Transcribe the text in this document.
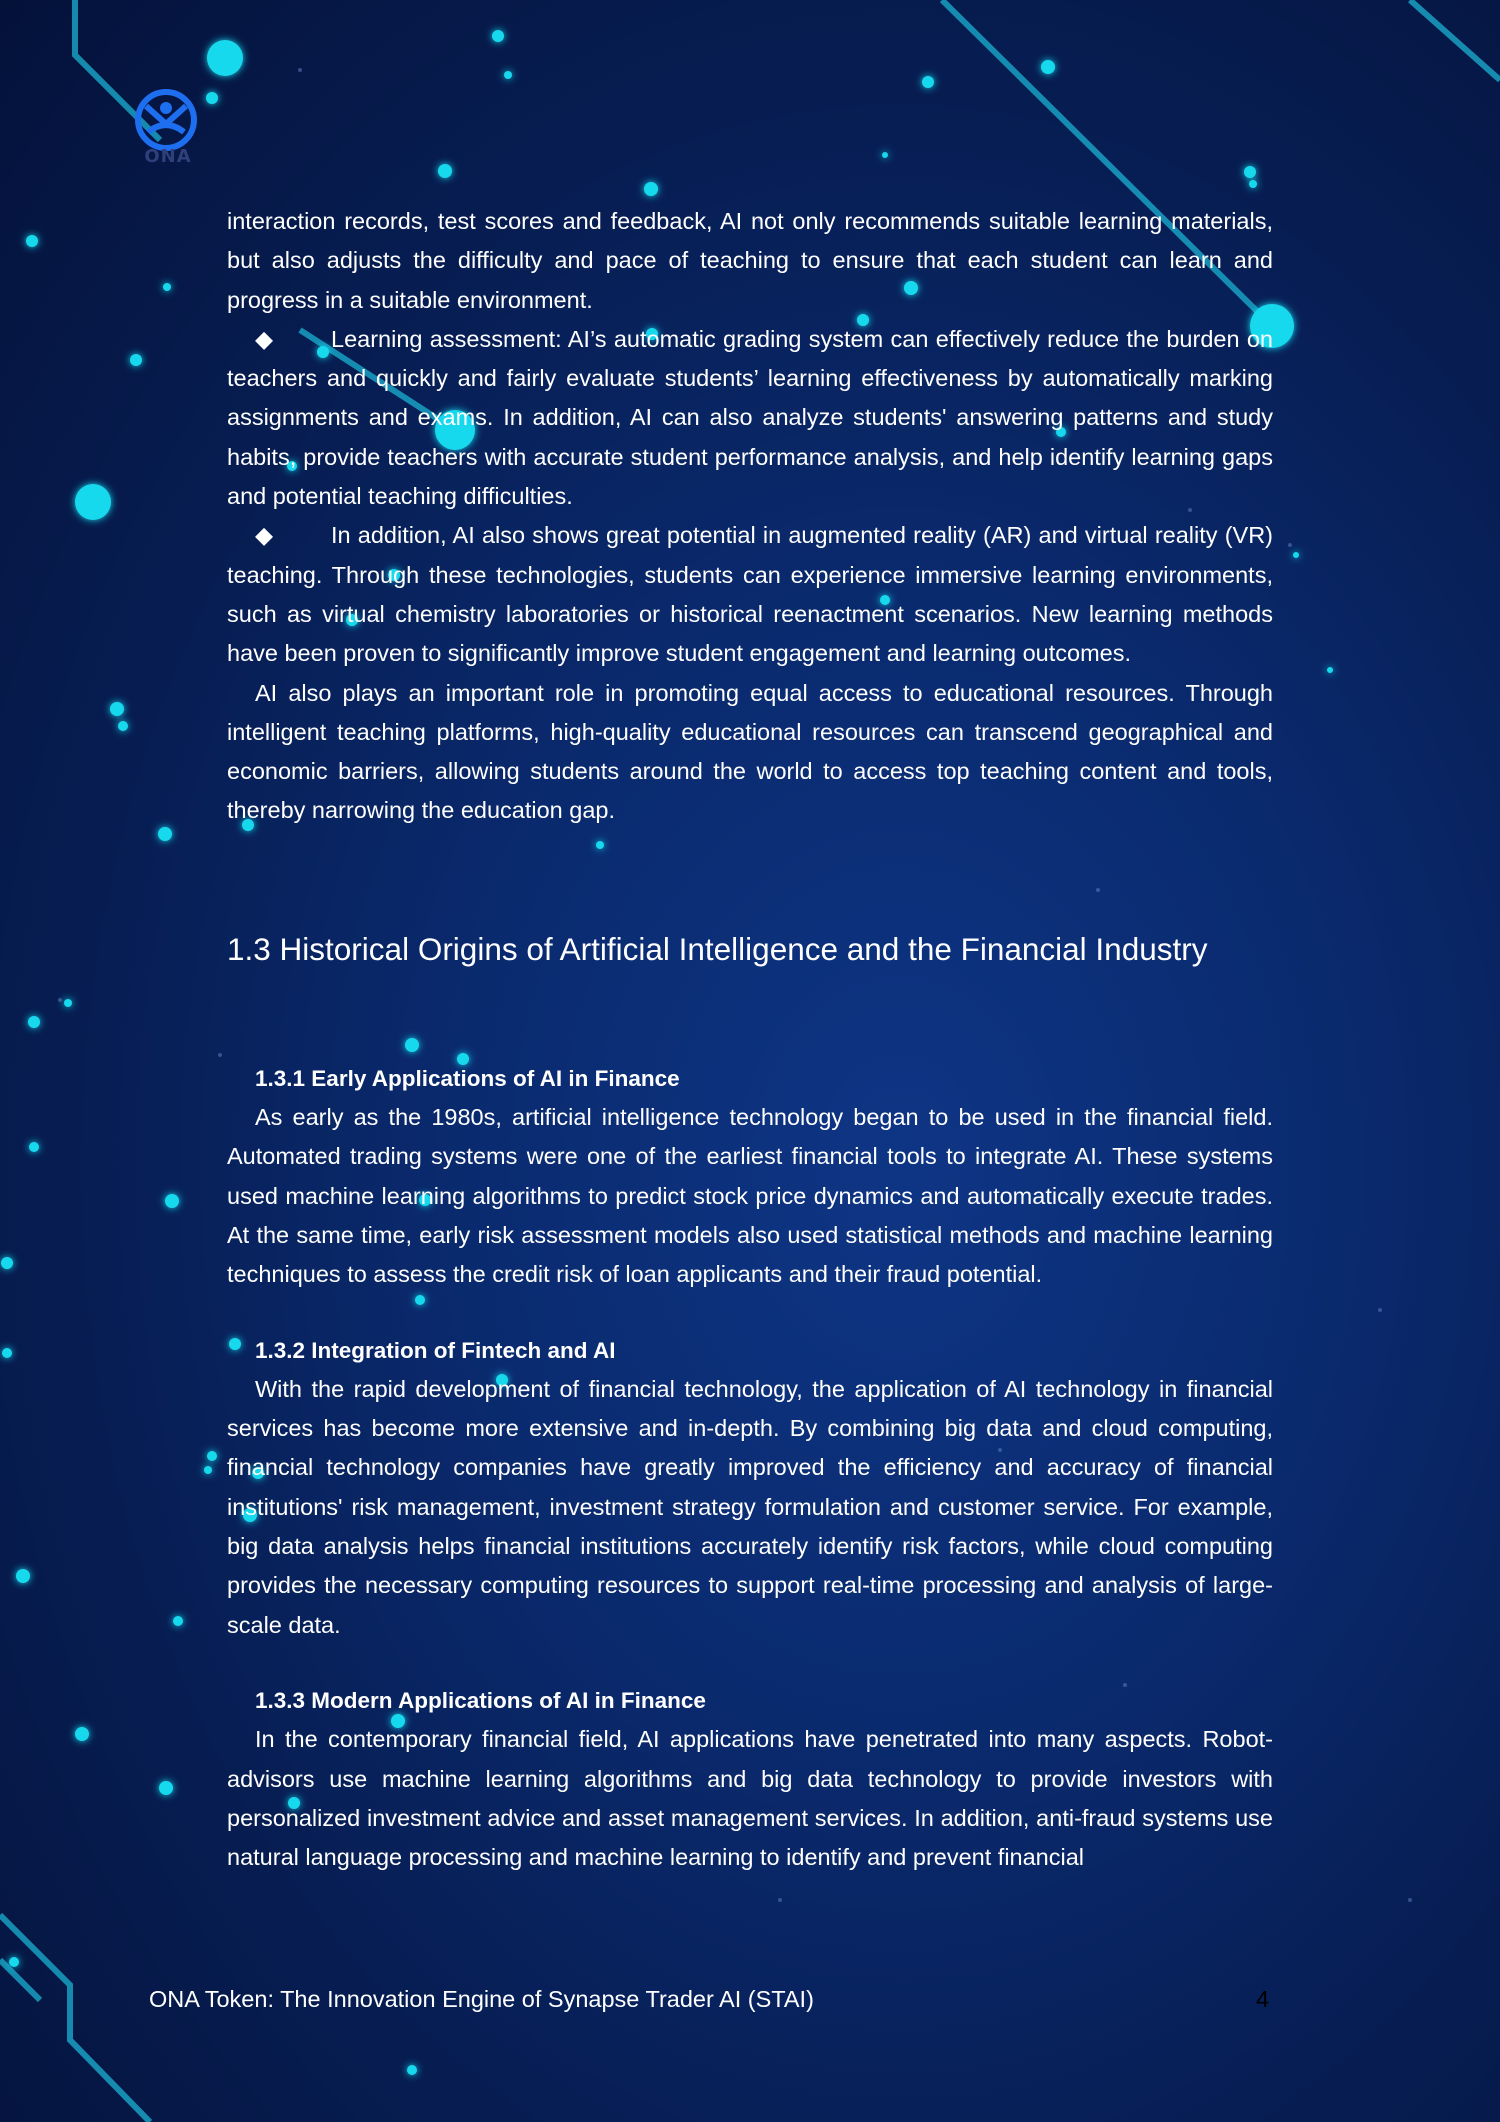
ONA

interaction records, test scores and feedback, AI not only recommends suitable learning materials, but also adjusts the difficulty and pace of teaching to ensure that each student can learn and progress in a suitable environment.

◆ Learning assessment: AI’s automatic grading system can effectively reduce the burden on teachers and quickly and fairly evaluate students’ learning effectiveness by automatically marking assignments and exams. In addition, AI can also analyze students' answering patterns and study habits, provide teachers with accurate student performance analysis, and help identify learning gaps and potential teaching difficulties.

◆ In addition, AI also shows great potential in augmented reality (AR) and virtual reality (VR) teaching. Through these technologies, students can experience immersive learning environments, such as virtual chemistry laboratories or historical reenactment scenarios. New learning methods have been proven to significantly improve student engagement and learning outcomes.

AI also plays an important role in promoting equal access to educational resources. Through intelligent teaching platforms, high-quality educational resources can transcend geographical and economic barriers, allowing students around the world to access top teaching content and tools, thereby narrowing the education gap.

1.3 Historical Origins of Artificial Intelligence and the Financial Industry
1.3.1 Early Applications of AI in Finance

As early as the 1980s, artificial intelligence technology began to be used in the financial field. Automated trading systems were one of the earliest financial tools to integrate AI. These systems used machine learning algorithms to predict stock price dynamics and automatically execute trades. At the same time, early risk assessment models also used statistical methods and machine learning techniques to assess the credit risk of loan applicants and their fraud potential.

1.3.2 Integration of Fintech and AI

With the rapid development of financial technology, the application of AI technology in financial services has become more extensive and in-depth. By combining big data and cloud computing, financial technology companies have greatly improved the efficiency and accuracy of financial institutions' risk management, investment strategy formulation and customer service. For example, big data analysis helps financial institutions accurately identify risk factors, while cloud computing provides the necessary computing resources to support real-time processing and analysis of large-scale data.

1.3.3 Modern Applications of AI in Finance

In the contemporary financial field, AI applications have penetrated into many aspects. Robot-advisors use machine learning algorithms and big data technology to provide investors with personalized investment advice and asset management services. In addition, anti-fraud systems use natural language processing and machine learning to identify and prevent financial

ONA Token: The Innovation Engine of Synapse Trader AI (STAI)	4
